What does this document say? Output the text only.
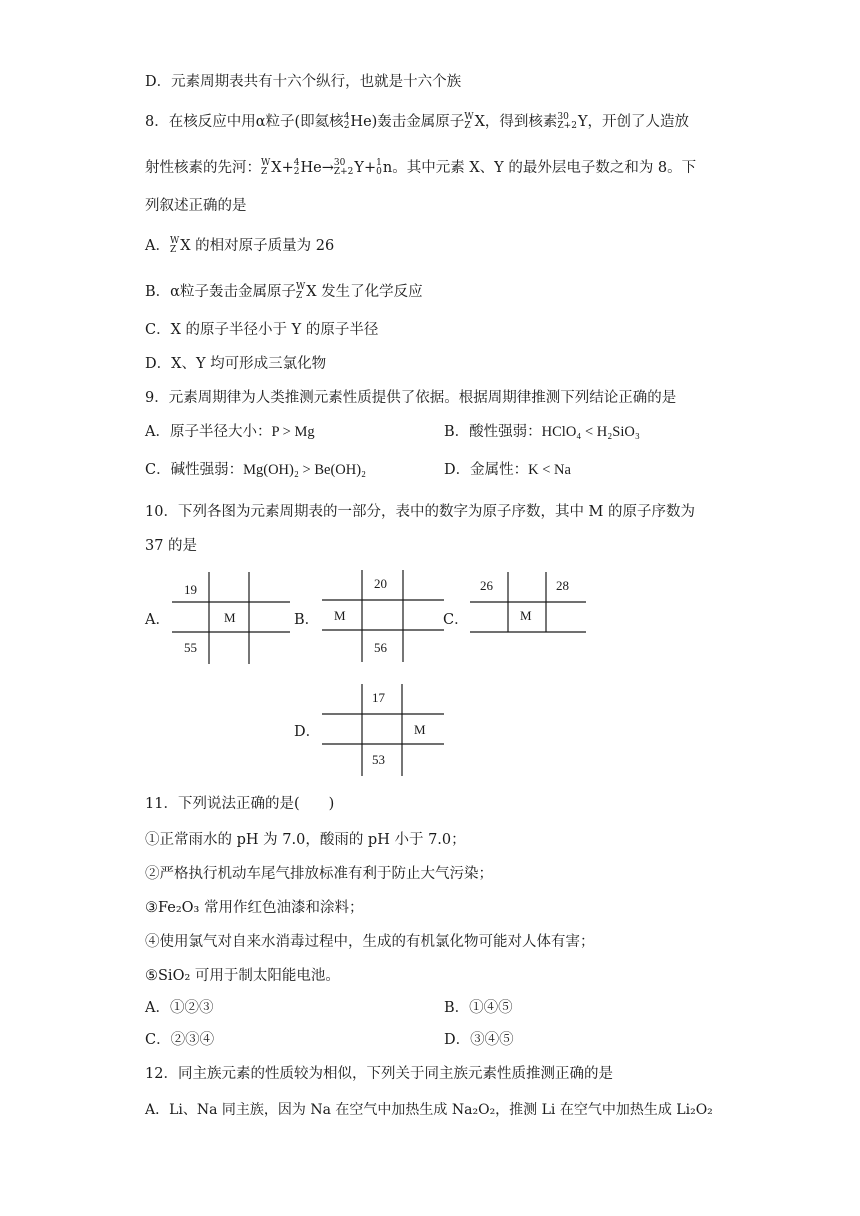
D．元素周期表共有十六个纵行，也就是十六个族
8．在核反应中用α粒子(即氦核 4
2 He)轰击金属原子 W
Z X，得到核素 30
Z+2 Y，开创了人造放
射性核素的先河： W
Z X+ 4
2 He→ 30
Z+2 Y+ 1
0 n。其中元素 X、Y 的最外层电子数之和为 8。下
列叙述正确的是
A． W
Z X 的相对原子质量为 26
B．α粒子轰击金属原子 W
Z X 发生了化学反应
C．X 的原子半径小于 Y 的原子半径
D．X、Y 均可形成三氯化物
9．元素周期律为人类推测元素性质提供了依据。根据周期律推测下列结论正确的是
A．原子半径大小：P > Mg	B．酸性强弱：HClO₄ < H₂SiO₃
C．碱性强弱：Mg(OH)₂ > Be(OH)₂	D．金属性：K < Na
10．下列各图为元素周期表的一部分，表中的数字为原子序数，其中 M 的原子序数为
37 的是
A．
19
M
55
B．
20
M
56
C．
26	28
M
D．
17
M
53
11．下列说法正确的是(　　)
①正常雨水的 pH 为 7.0，酸雨的 pH 小于 7.0；
②严格执行机动车尾气排放标准有利于防止大气污染；
③Fe₂O₃ 常用作红色油漆和涂料；
④使用氯气对自来水消毒过程中，生成的有机氯化物可能对人体有害；
⑤SiO₂ 可用于制太阳能电池。
A．①②③	B．①④⑤
C．②③④	D．③④⑤
12．同主族元素的性质较为相似，下列关于同主族元素性质推测正确的是
A．Li、Na 同主族，因为 Na 在空气中加热生成 Na₂O₂，推测 Li 在空气中加热生成 Li₂O₂
